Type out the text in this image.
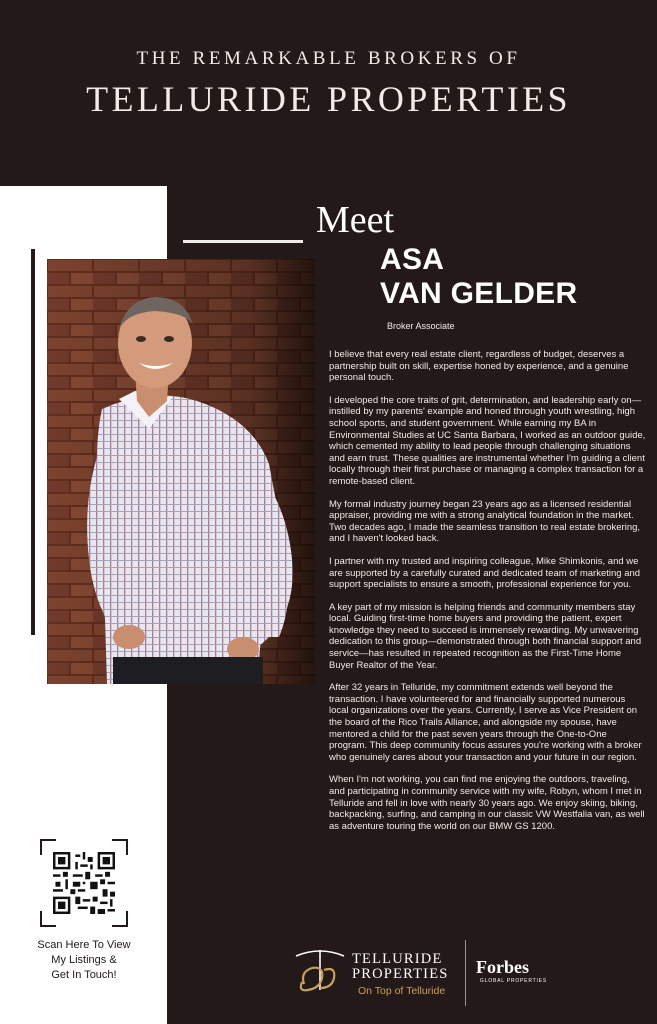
THE REMARKABLE BROKERS OF
TELLURIDE PROPERTIES
Meet
ASA
VAN GELDER
Broker Associate

I believe that every real estate client, regardless of budget, deserves a partnership built on skill, expertise honed by experience, and a genuine personal touch.

I developed the core traits of grit, determination, and leadership early on—instilled by my parents' example and honed through youth wrestling, high school sports, and student government. While earning my BA in Environmental Studies at UC Santa Barbara, I worked as an outdoor guide, which cemented my ability to lead people through challenging situations and earn trust. These qualities are instrumental whether I'm guiding a client locally through their first purchase or managing a complex transaction for a remote-based client.

My formal industry journey began 23 years ago as a licensed residential appraiser, providing me with a strong analytical foundation in the market. Two decades ago, I made the seamless transition to real estate brokering, and I haven't looked back.

I partner with my trusted and inspiring colleague, Mike Shimkonis, and we are supported by a carefully curated and dedicated team of marketing and support specialists to ensure a smooth, professional experience for you.

A key part of my mission is helping friends and community members stay local. Guiding first-time home buyers and providing the patient, expert knowledge they need to succeed is immensely rewarding. My unwavering dedication to this group—demonstrated through both financial support and service—has resulted in repeated recognition as the First-Time Home Buyer Realtor of the Year.

After 32 years in Telluride, my commitment extends well beyond the transaction. I have volunteered for and financially supported numerous local organizations over the years. Currently, I serve as Vice President on the board of the Rico Trails Alliance, and alongside my spouse, have mentored a child for the past seven years through the One-to-One program. This deep community focus assures you're working with a broker who genuinely cares about your transaction and your future in our region.

When I'm not working, you can find me enjoying the outdoors, traveling, and participating in community service with my wife, Robyn, whom I met in Telluride and fell in love with nearly 30 years ago. We enjoy skiing, biking, backpacking, surfing, and camping in our classic VW Westfalia van, as well as adventure touring the world on our BMW GS 1200.

Scan Here To View
My Listings &
Get In Touch!
TELLURIDE
PROPERTIES
On Top of Telluride
Forbes
GLOBAL PROPERTIES
